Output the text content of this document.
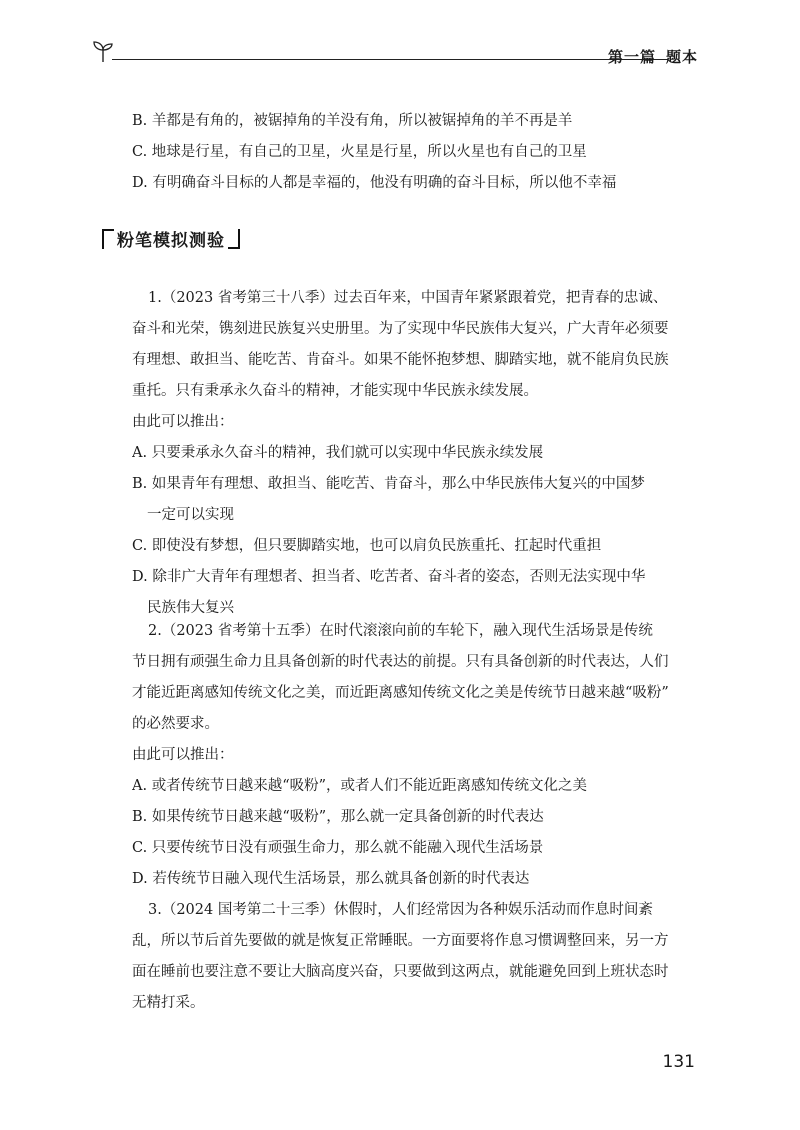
第一篇 题本
B. 羊都是有角的，被锯掉角的羊没有角，所以被锯掉角的羊不再是羊
C. 地球是行星，有自己的卫星，火星是行星，所以火星也有自己的卫星
D. 有明确奋斗目标的人都是幸福的，他没有明确的奋斗目标，所以他不幸福
粉笔模拟测验
1.（2023 省考第三十八季）过去百年来，中国青年紧紧跟着党，把青春的忠诚、
奋斗和光荣，镌刻进民族复兴史册里。为了实现中华民族伟大复兴，广大青年必须要
有理想、敢担当、能吃苦、肯奋斗。如果不能怀抱梦想、脚踏实地，就不能肩负民族
重托。只有秉承永久奋斗的精神，才能实现中华民族永续发展。
由此可以推出：
A. 只要秉承永久奋斗的精神，我们就可以实现中华民族永续发展
B. 如果青年有理想、敢担当、能吃苦、肯奋斗，那么中华民族伟大复兴的中国梦
一定可以实现
C. 即使没有梦想，但只要脚踏实地，也可以肩负民族重托、扛起时代重担
D. 除非广大青年有理想者、担当者、吃苦者、奋斗者的姿态，否则无法实现中华
民族伟大复兴
2.（2023 省考第十五季）在时代滚滚向前的车轮下，融入现代生活场景是传统
节日拥有顽强生命力且具备创新的时代表达的前提。只有具备创新的时代表达，人们
才能近距离感知传统文化之美，而近距离感知传统文化之美是传统节日越来越“吸粉”
的必然要求。
由此可以推出：
A. 或者传统节日越来越“吸粉”，或者人们不能近距离感知传统文化之美
B. 如果传统节日越来越“吸粉”，那么就一定具备创新的时代表达
C. 只要传统节日没有顽强生命力，那么就不能融入现代生活场景
D. 若传统节日融入现代生活场景，那么就具备创新的时代表达
3.（2024 国考第二十三季）休假时，人们经常因为各种娱乐活动而作息时间紊
乱，所以节后首先要做的就是恢复正常睡眠。一方面要将作息习惯调整回来，另一方
面在睡前也要注意不要让大脑高度兴奋，只要做到这两点，就能避免回到上班状态时
无精打采。
131
